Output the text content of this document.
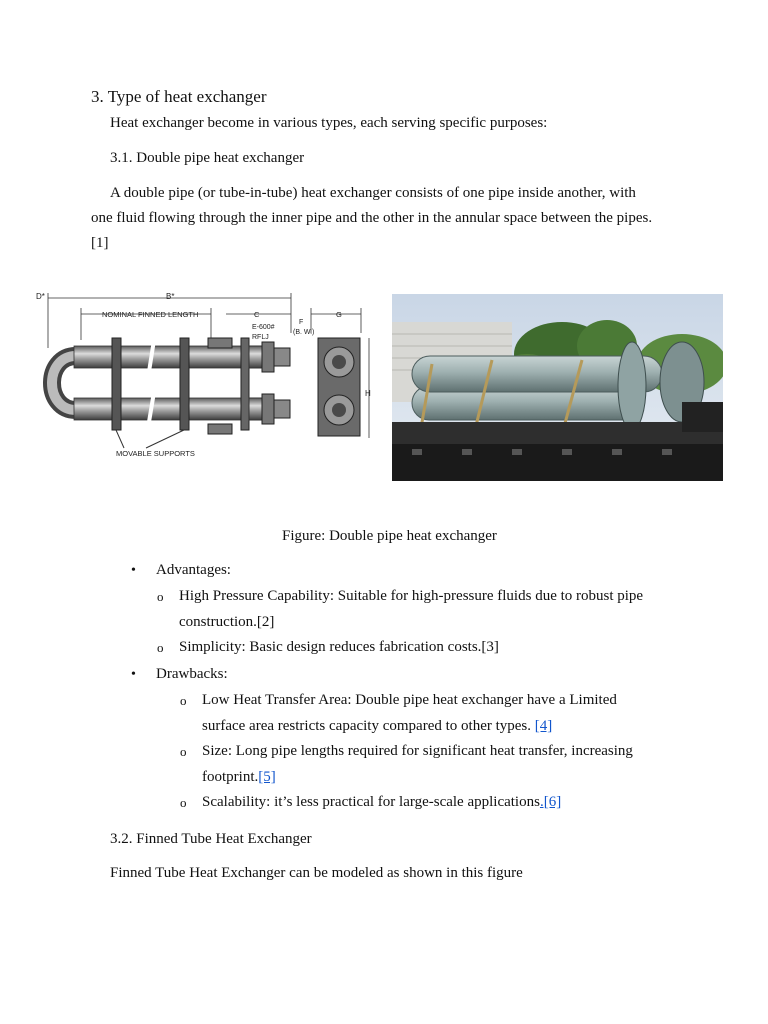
3. Type of heat exchanger
Heat exchanger become in various types, each serving specific purposes:
3.1. Double pipe heat exchanger
A double pipe (or tube-in-tube) heat exchanger consists of one pipe inside another, with
one fluid flowing through the inner pipe and the other in the annular space between the pipes.
[1]
D*	B*
NOMINAL FINNED LENGTH	C
E-600#
RFLJ
F
(B. W.)
G
H
MOVABLE SUPPORTS
Figure: Double pipe heat exchanger
• Advantages:
o High Pressure Capability: Suitable for high-pressure fluids due to robust pipe
construction.[2]
o Simplicity: Basic design reduces fabrication costs.[3]
• Drawbacks:
o Low Heat Transfer Area: Double pipe heat exchanger have a Limited
surface area restricts capacity compared to other types. [4]
o Size: Long pipe lengths required for significant heat transfer, increasing
footprint.[5]
o Scalability: it’s less practical for large-scale applications.[6]
3.2. Finned Tube Heat Exchanger
Finned Tube Heat Exchanger can be modeled as shown in this figure
